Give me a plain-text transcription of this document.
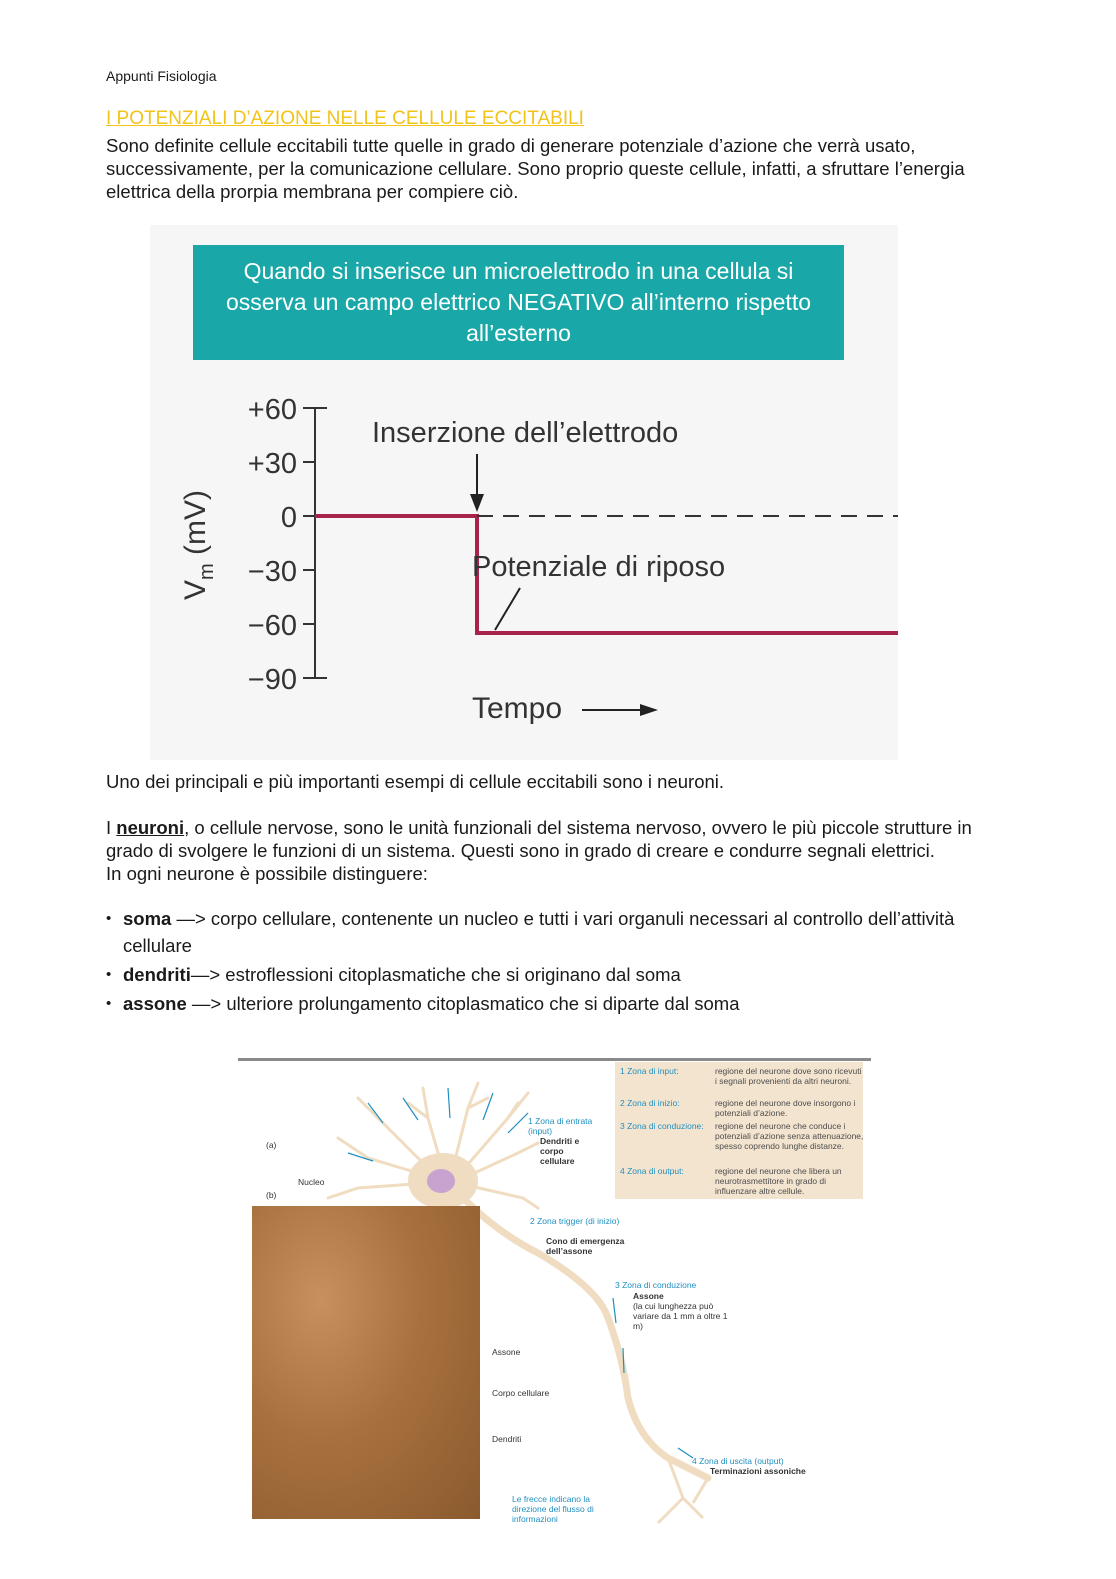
Appunti Fisiologia
I POTENZIALI D’AZIONE NELLE CELLULE ECCITABILI

Sono definite cellule eccitabili tutte quelle in grado di generare potenziale d’azione che verrà usato, successivamente, per la comunicazione cellulare. Sono proprio queste cellule, infatti, a sfruttare l’energia elettrica della prorpia membrana per compiere ciò.

Quando si inserisce un microelettrodo in una cellula si osserva un campo elettrico NEGATIVO all’interno rispetto all’esterno
$V_m$ (mV)
+60
+30
0
−30
−60
−90
Inserzione dell’elettrodo
Potenziale di riposo
Tempo

Uno dei principali e più importanti esempi di cellule eccitabili sono i neuroni.

I neuroni, o cellule nervose, sono le unità funzionali del sistema nervoso, ovvero le più piccole strutture in grado di svolgere le funzioni di un sistema. Questi sono in grado di creare e condurre segnali elettrici.
In ogni neurone è possibile distinguere:

• soma —> corpo cellulare, contenente un nucleo e tutti i vari organuli necessari al controllo dell’attività cellulare
• dendriti—> estroflessioni citoplasmatiche che si originano dal soma
• assone —> ulteriore prolungamento citoplasmatico che si diparte dal soma
1 Zona di input:	regione del neurone dove sono ricevuti i segnali provenienti da altri neuroni.
2 Zona di inizio:	regione del neurone dove insorgono i potenziali d’azione.
3 Zona di conduzione:	regione del neurone che conduce i potenziali d’azione senza attenuazione, spesso coprendo lunghe distanze.
4 Zona di output:	regione del neurone che libera un neurotrasmettitore in grado di influenzare altre cellule.
(a)
(b)
Nucleo
1 Zona di entrata (input)
Dendriti e corpo cellulare
2 Zona trigger (di inizio)
Cono di emergenza dell’assone
3 Zona di conduzione
Assone
(la cui lunghezza può variare da 1 mm a oltre 1 m)
4 Zona di uscita (output)
Terminazioni assoniche
Assone
Corpo cellulare
Dendriti
Le frecce indicano la direzione del flusso di informazioni
